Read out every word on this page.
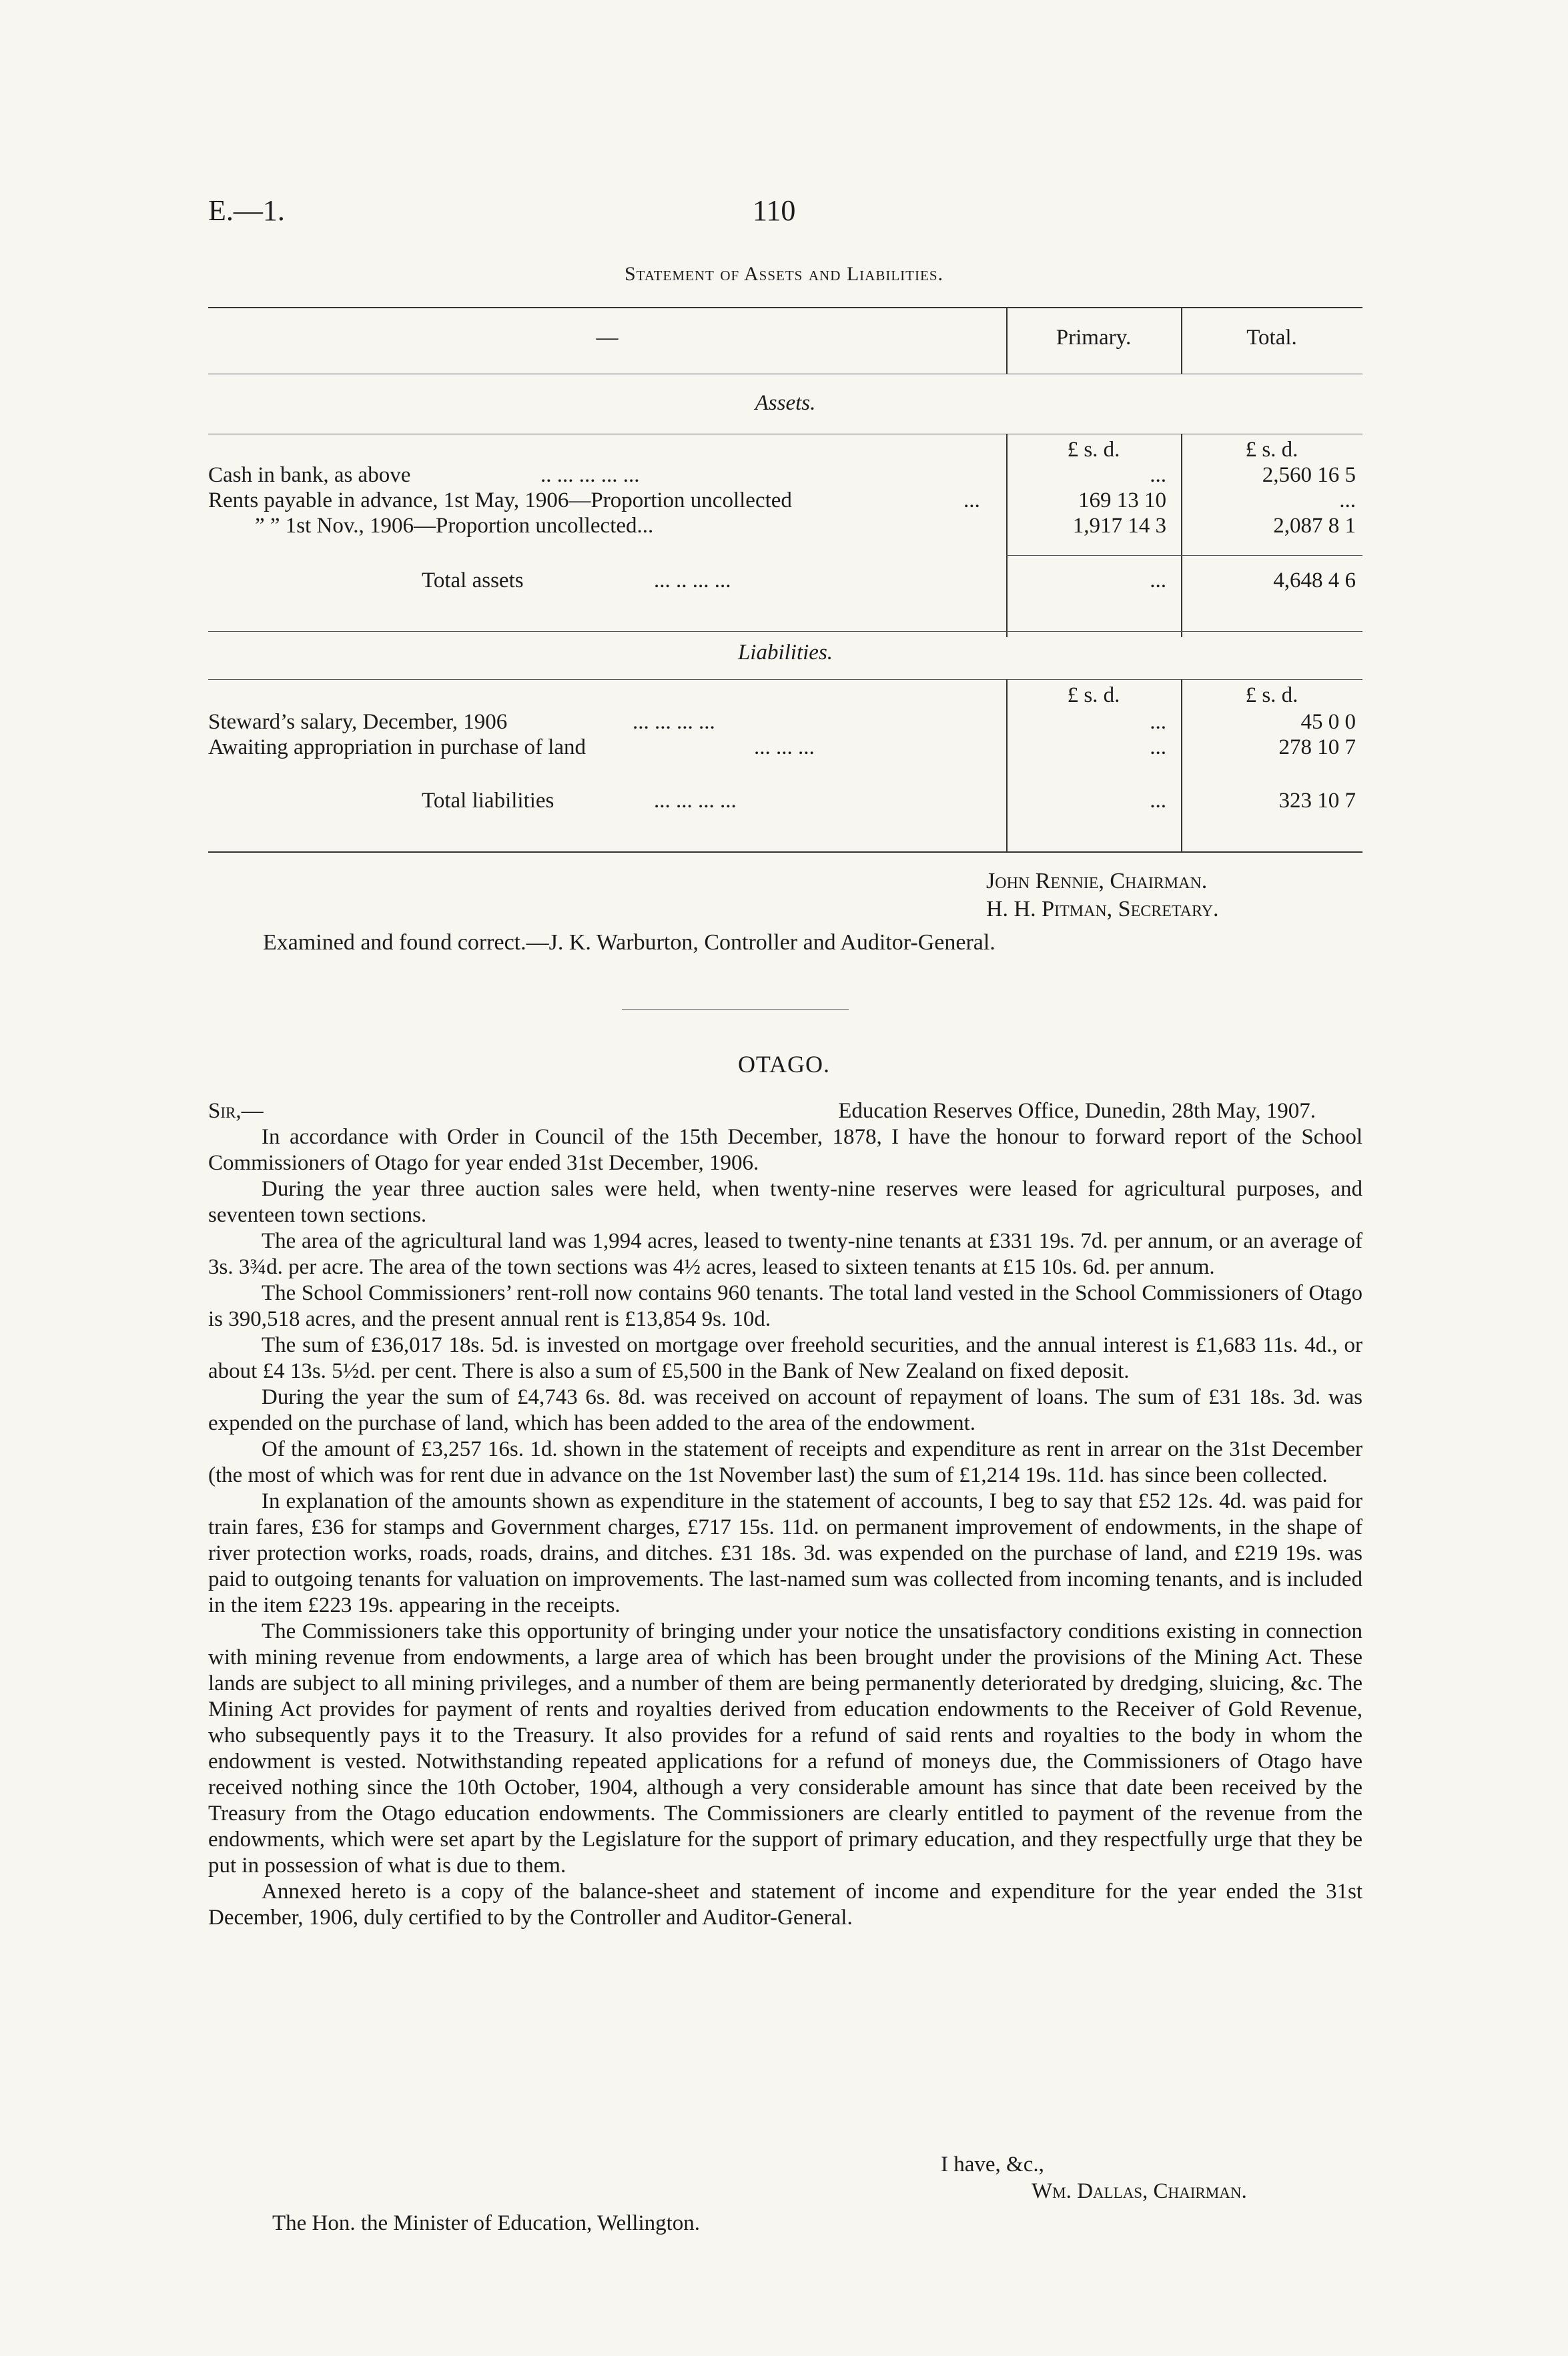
E.—1.	110
Statement of Assets and Liabilities.
—	Primary.	Total.
Assets.
£ s. d.	£ s. d.
Cash in bank, as above	.. ... ... ... ...	...	2,560 16 5
Rents payable in advance, 1st May, 1906—Proportion uncollected	...	169 13 10	...
” ” 1st Nov., 1906—Proportion uncollected...	1,917 14 3	2,087 8 1
Total assets	... .. ... ...	...	4,648 4 6
Liabilities.
£ s. d.	£ s. d.
Steward’s salary, December, 1906	... ... ... ...	...	45 0 0
Awaiting appropriation in purchase of land	... ... ...	...	278 10 7
Total liabilities	... ... ... ...	...	323 10 7
John Rennie, Chairman.
H. H. Pitman, Secretary.
Examined and found correct.—J. K. Warburton, Controller and Auditor-General.
OTAGO.

Sir,—	Education Reserves Office, Dunedin, 28th May, 1907.

In accordance with Order in Council of the 15th December, 1878, I have the honour to forward report of the School Commissioners of Otago for year ended 31st December, 1906.

During the year three auction sales were held, when twenty-nine reserves were leased for agricultural purposes, and seventeen town sections.

The area of the agricultural land was 1,994 acres, leased to twenty-nine tenants at £331 19s. 7d. per annum, or an average of 3s. 3¾d. per acre. The area of the town sections was 4½ acres, leased to sixteen tenants at £15 10s. 6d. per annum.

The School Commissioners’ rent-roll now contains 960 tenants. The total land vested in the School Commissioners of Otago is 390,518 acres, and the present annual rent is £13,854 9s. 10d.

The sum of £36,017 18s. 5d. is invested on mortgage over freehold securities, and the annual interest is £1,683 11s. 4d., or about £4 13s. 5½d. per cent. There is also a sum of £5,500 in the Bank of New Zealand on fixed deposit.

During the year the sum of £4,743 6s. 8d. was received on account of repayment of loans. The sum of £31 18s. 3d. was expended on the purchase of land, which has been added to the area of the endowment.

Of the amount of £3,257 16s. 1d. shown in the statement of receipts and expenditure as rent in arrear on the 31st December (the most of which was for rent due in advance on the 1st November last) the sum of £1,214 19s. 11d. has since been collected.

In explanation of the amounts shown as expenditure in the statement of accounts, I beg to say that £52 12s. 4d. was paid for train fares, £36 for stamps and Government charges, £717 15s. 11d. on permanent improvement of endowments, in the shape of river protection works, roads, roads, drains, and ditches. £31 18s. 3d. was expended on the purchase of land, and £219 19s. was paid to outgoing tenants for valuation on improvements. The last-named sum was collected from incoming tenants, and is included in the item £223 19s. appearing in the receipts.

The Commissioners take this opportunity of bringing under your notice the unsatisfactory conditions existing in connection with mining revenue from endowments, a large area of which has been brought under the provisions of the Mining Act. These lands are subject to all mining privileges, and a number of them are being permanently deteriorated by dredging, sluicing, &c. The Mining Act provides for payment of rents and royalties derived from education endowments to the Receiver of Gold Revenue, who subsequently pays it to the Treasury. It also provides for a refund of said rents and royalties to the body in whom the endowment is vested. Notwithstanding repeated applications for a refund of moneys due, the Commissioners of Otago have received nothing since the 10th October, 1904, although a very considerable amount has since that date been received by the Treasury from the Otago education endowments. The Commissioners are clearly entitled to payment of the revenue from the endowments, which were set apart by the Legislature for the support of primary education, and they respectfully urge that they be put in possession of what is due to them.

Annexed hereto is a copy of the balance-sheet and statement of income and expenditure for the year ended the 31st December, 1906, duly certified to by the Controller and Auditor-General.

I have, &c.,
Wm. Dallas, Chairman.
The Hon. the Minister of Education, Wellington.
